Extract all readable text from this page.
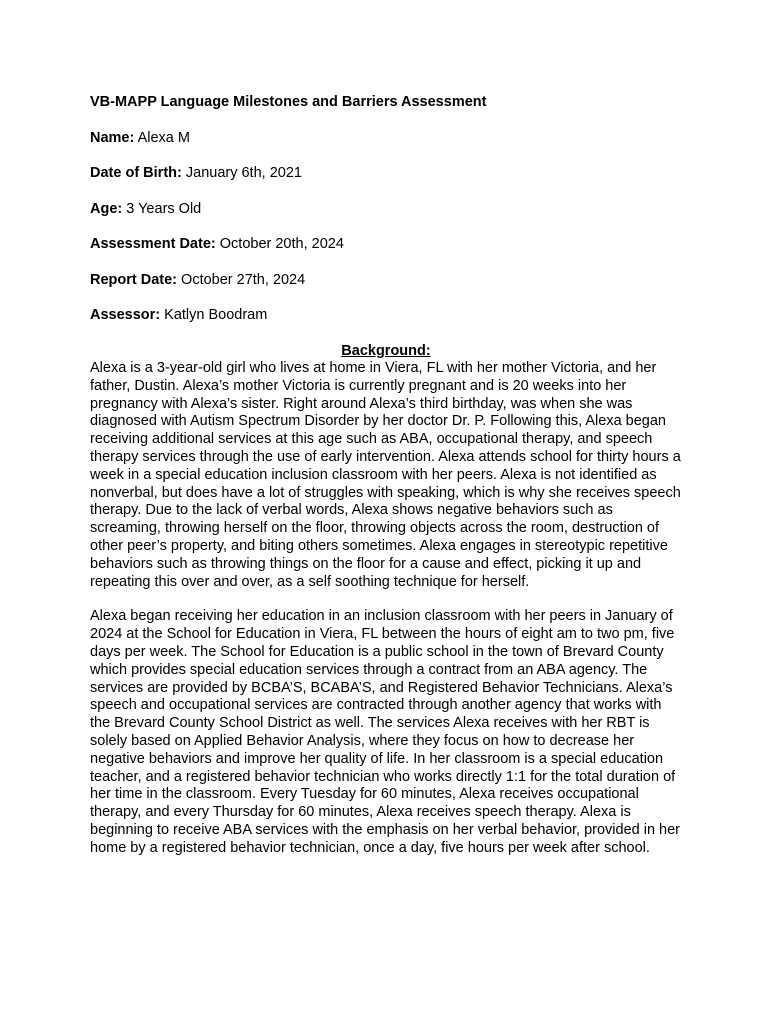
VB-MAPP Language Milestones and Barriers Assessment

Name: Alexa M
Date of Birth: January 6th, 2021
Age: 3 Years Old
Assessment Date: October 20th, 2024
Report Date: October 27th, 2024
Assessor: Katlyn Boodram
Background:

Alexa is a 3-year-old girl who lives at home in Viera, FL with her mother Victoria, and her father, Dustin. Alexa’s mother Victoria is currently pregnant and is 20 weeks into her pregnancy with Alexa’s sister. Right around Alexa’s third birthday, was when she was diagnosed with Autism Spectrum Disorder by her doctor Dr. P. Following this, Alexa began receiving additional services at this age such as ABA, occupational therapy, and speech therapy services through the use of early intervention. Alexa attends school for thirty hours a week in a special education inclusion classroom with her peers. Alexa is not identified as nonverbal, but does have a lot of struggles with speaking, which is why she receives speech therapy. Due to the lack of verbal words, Alexa shows negative behaviors such as screaming, throwing herself on the floor, throwing objects across the room, destruction of other peer’s property, and biting others sometimes. Alexa engages in stereotypic repetitive behaviors such as throwing things on the floor for a cause and effect, picking it up and repeating this over and over, as a self soothing technique for herself.

Alexa began receiving her education in an inclusion classroom with her peers in January of 2024 at the School for Education in Viera, FL between the hours of eight am to two pm, five days per week. The School for Education is a public school in the town of Brevard County which provides special education services through a contract from an ABA agency. The services are provided by BCBA’S, BCABA’S, and Registered Behavior Technicians. Alexa’s speech and occupational services are contracted through another agency that works with the Brevard County School District as well. The services Alexa receives with her RBT is solely based on Applied Behavior Analysis, where they focus on how to decrease her negative behaviors and improve her quality of life. In her classroom is a special education teacher, and a registered behavior technician who works directly 1:1 for the total duration of her time in the classroom. Every Tuesday for 60 minutes, Alexa receives occupational therapy, and every Thursday for 60 minutes, Alexa receives speech therapy. Alexa is beginning to receive ABA services with the emphasis on her verbal behavior, provided in her home by a registered behavior technician, once a day, five hours per week after school.
